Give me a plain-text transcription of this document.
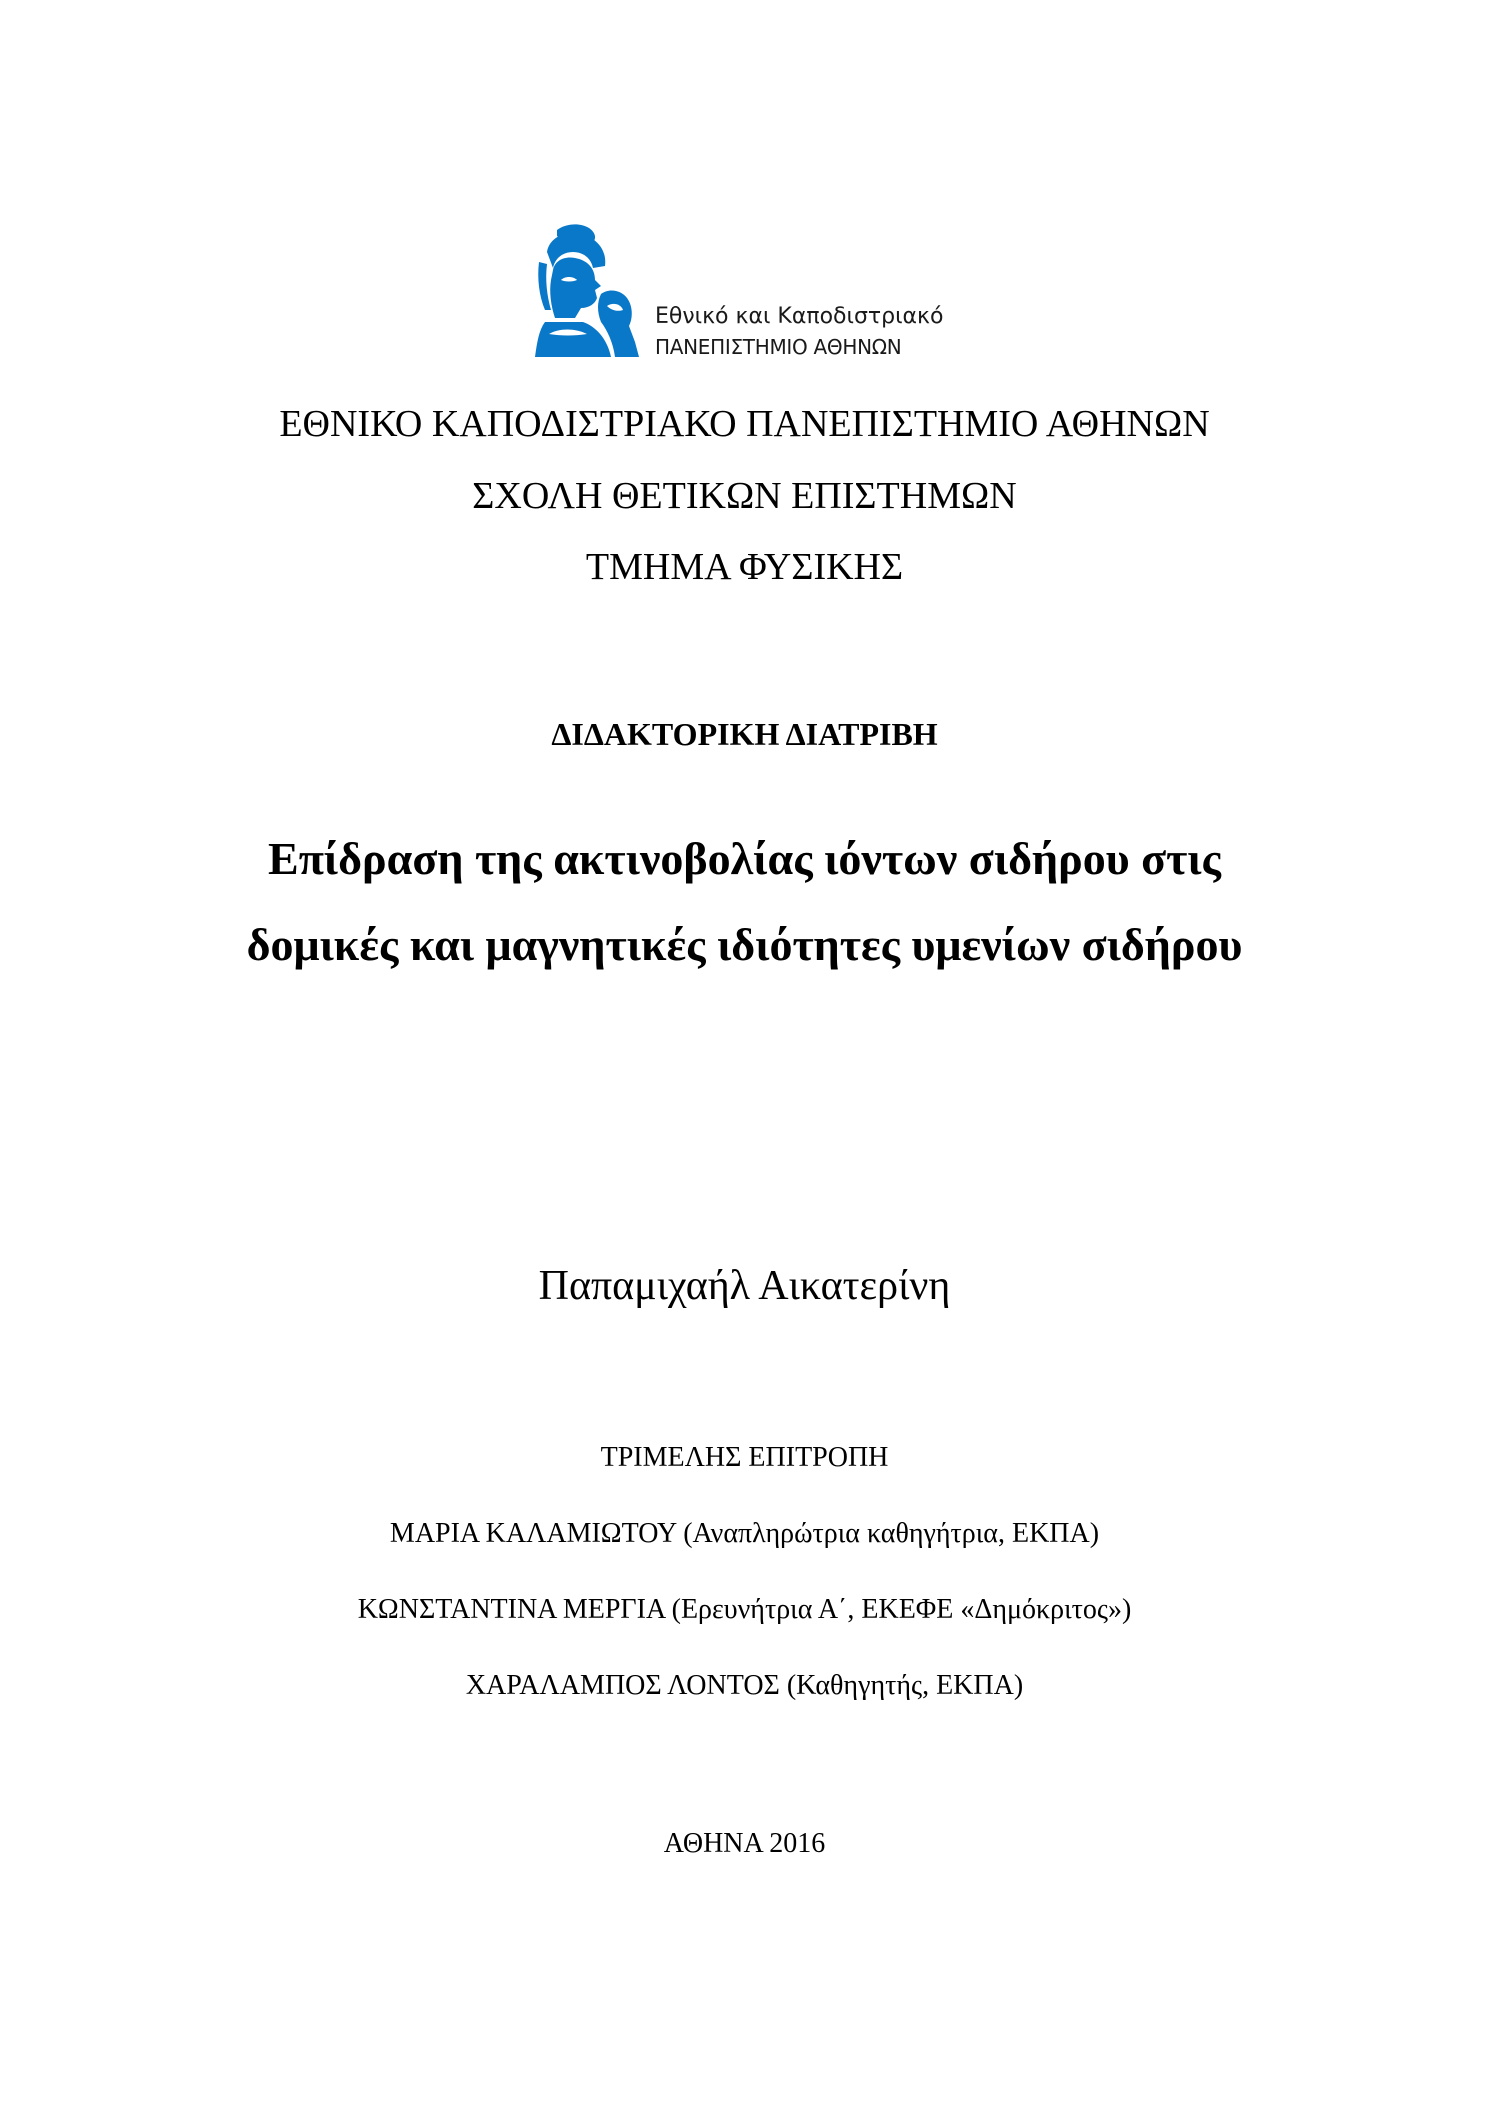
Εθνικό και Καποδιστριακό
ΠΑΝΕΠΙΣΤΗΜΙΟ ΑΘΗΝΩΝ
ΕΘΝΙΚΟ ΚΑΠΟΔΙΣΤΡΙΑΚΟ ΠΑΝΕΠΙΣΤΗΜΙΟ ΑΘΗΝΩΝ
ΣΧΟΛΗ ΘΕΤΙΚΩΝ ΕΠΙΣΤΗΜΩΝ
ΤΜΗΜΑ ΦΥΣΙΚΗΣ
ΔΙΔΑΚΤΟΡΙΚΗ ΔΙΑΤΡΙΒΗ
Επίδραση της ακτινοβολίας ιόντων σιδήρου στις
δομικές και μαγνητικές ιδιότητες υμενίων σιδήρου
Παπαμιχαήλ Αικατερίνη
ΤΡΙΜΕΛΗΣ ΕΠΙΤΡΟΠΗ
ΜΑΡΙΑ ΚΑΛΑΜΙΩΤΟΥ (Αναπληρώτρια καθηγήτρια, ΕΚΠΑ)
ΚΩΝΣΤΑΝΤΙΝΑ ΜΕΡΓΙΑ (Ερευνήτρια Α΄, ΕΚΕΦΕ «Δημόκριτος»)
ΧΑΡΑΛΑΜΠΟΣ ΛΟΝΤΟΣ (Καθηγητής, ΕΚΠΑ)
ΑΘΗΝΑ 2016
